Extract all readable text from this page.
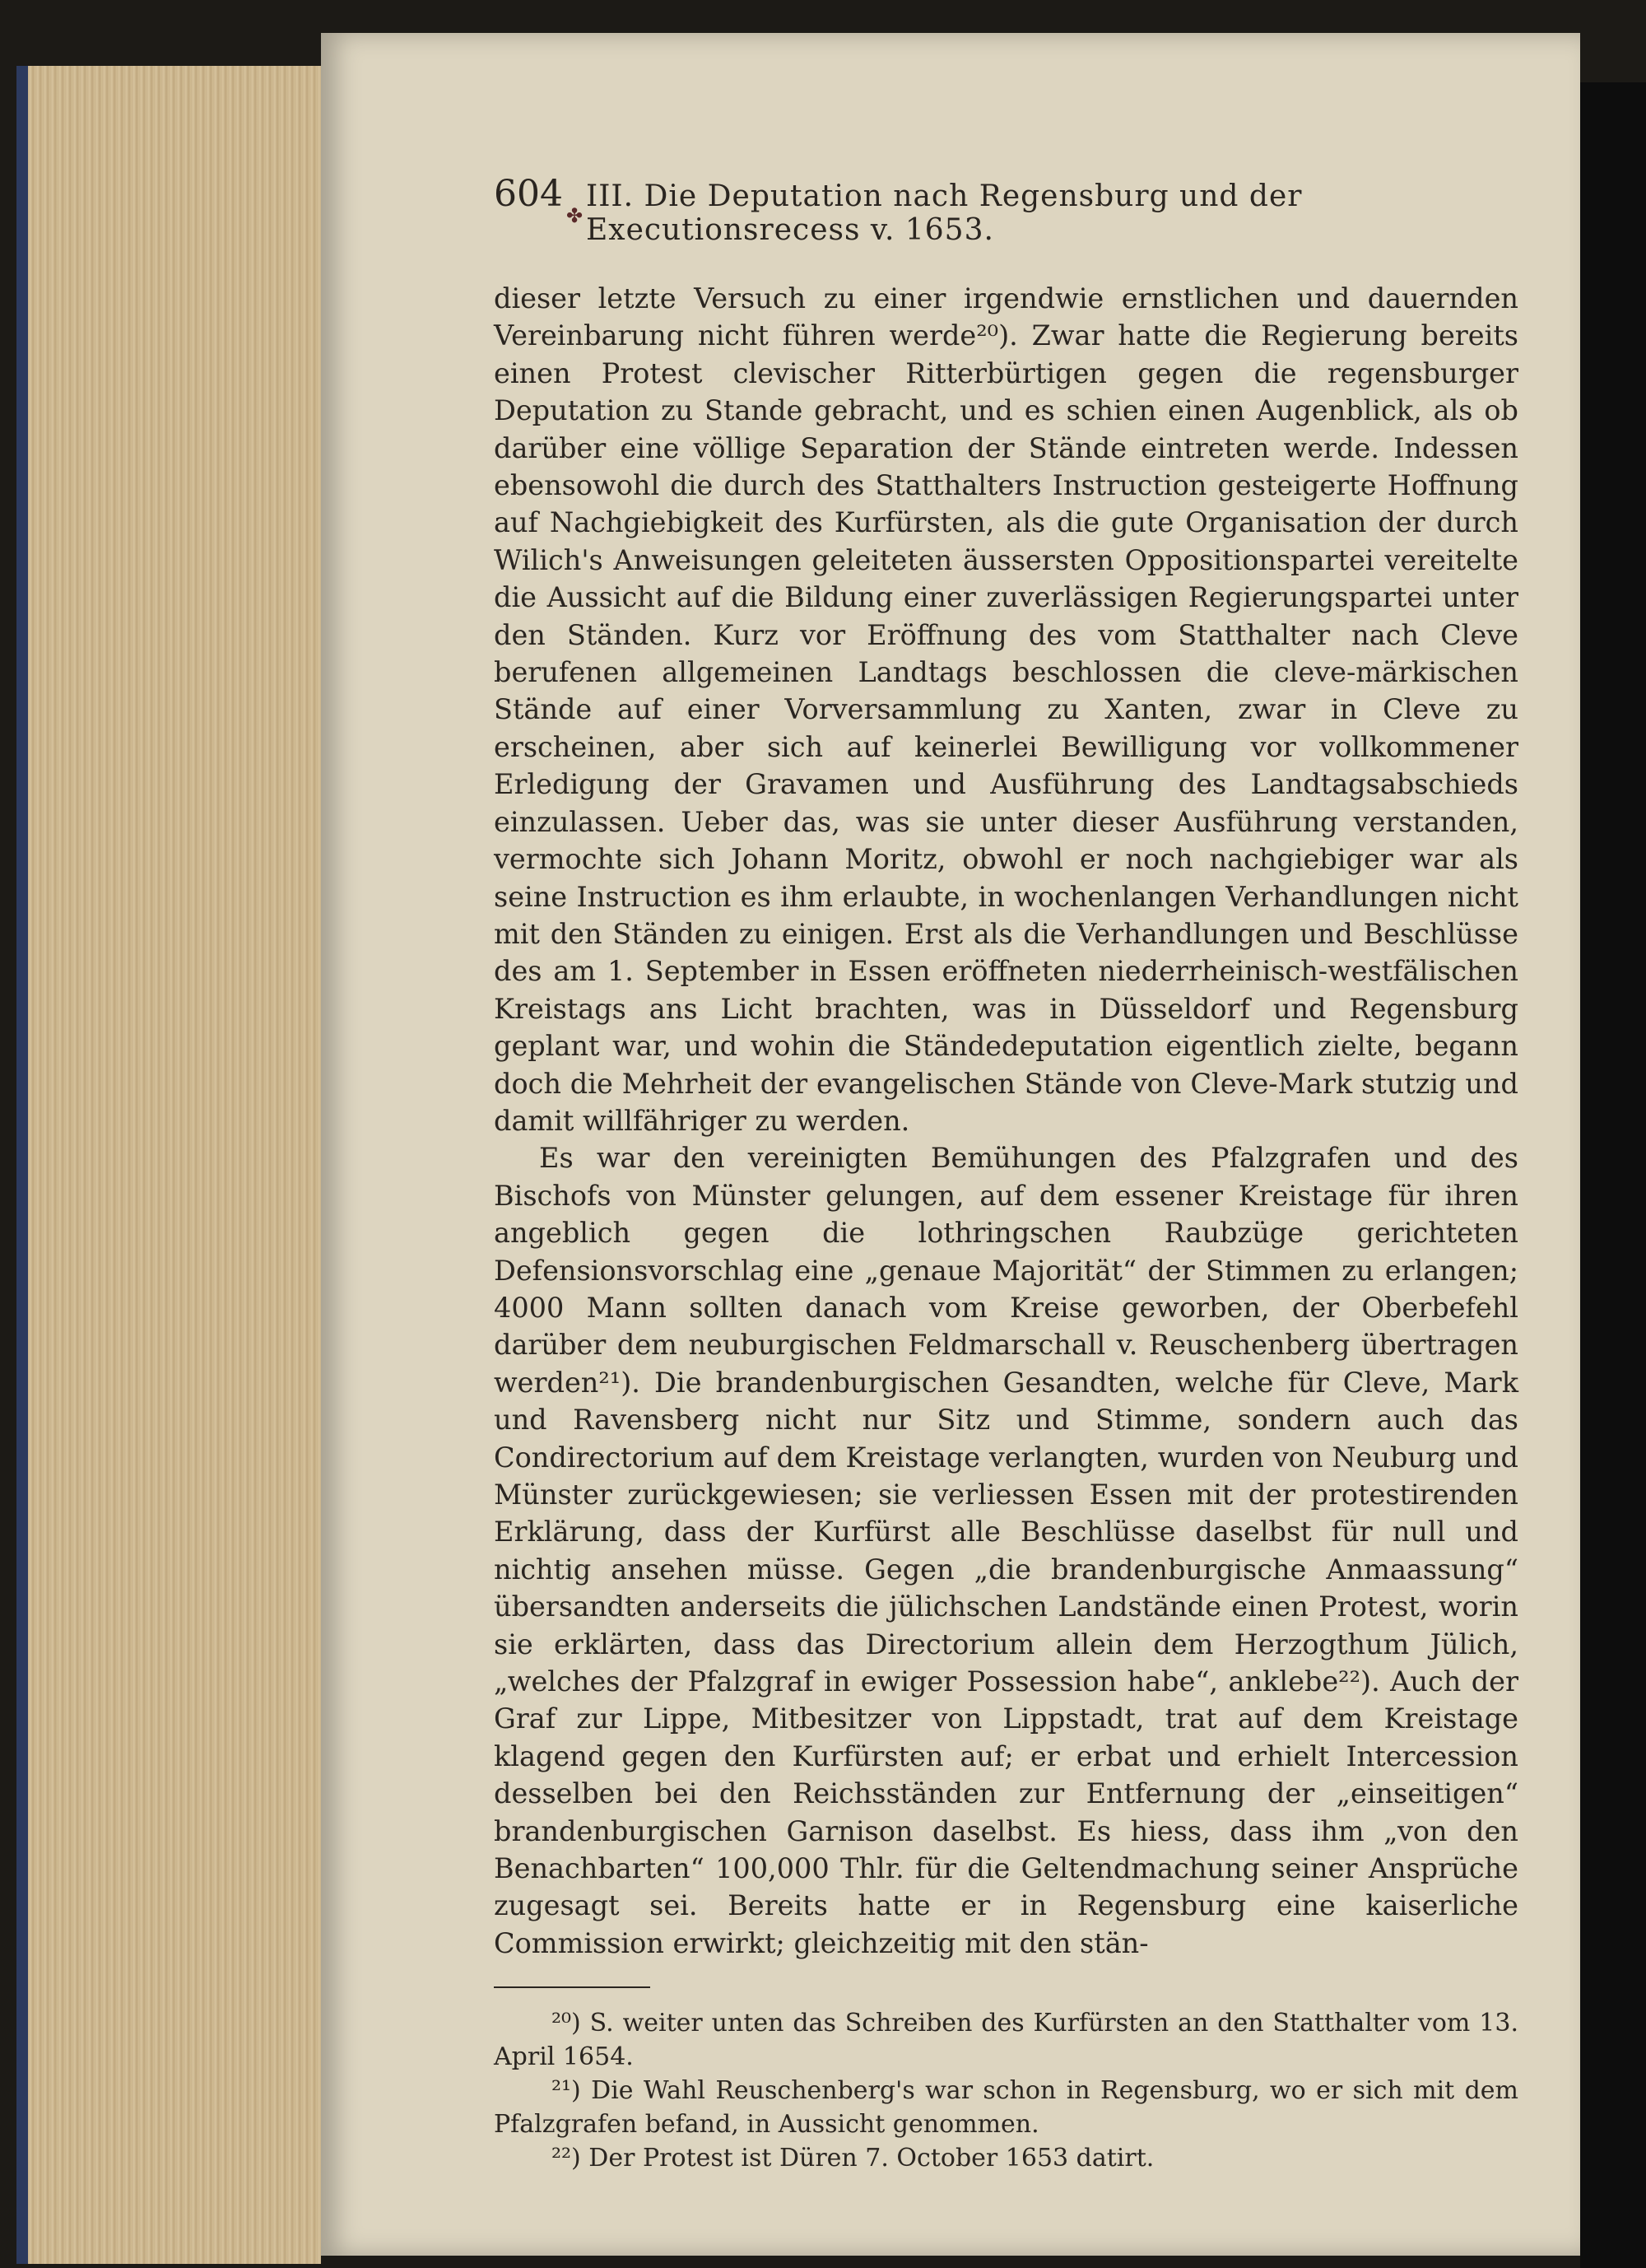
✤
604 III. Die Deputation nach Regensburg und der Executionsrecess v. 1653.

dieser letzte Versuch zu einer irgendwie ernstlichen und dauernden Vereinbarung nicht führen werde²⁰). Zwar hatte die Regierung bereits einen Protest clevischer Ritterbürtigen gegen die regensburger Deputation zu Stande gebracht, und es schien einen Augenblick, als ob darüber eine völlige Separation der Stände eintreten werde. Indessen ebensowohl die durch des Statthalters Instruction gesteigerte Hoffnung auf Nachgiebigkeit des Kurfürsten, als die gute Organisation der durch Wilich's Anweisungen geleiteten äussersten Oppositionspartei vereitelte die Aussicht auf die Bildung einer zuverlässigen Regierungspartei unter den Ständen. Kurz vor Eröffnung des vom Statthalter nach Cleve berufenen allgemeinen Landtags beschlossen die cleve-märkischen Stände auf einer Vorversammlung zu Xanten, zwar in Cleve zu erscheinen, aber sich auf keinerlei Bewilligung vor vollkommener Erledigung der Gravamen und Ausführung des Landtagsabschieds einzulassen. Ueber das, was sie unter dieser Ausführung verstanden, vermochte sich Johann Moritz, obwohl er noch nachgiebiger war als seine Instruction es ihm erlaubte, in wochenlangen Verhandlungen nicht mit den Ständen zu einigen. Erst als die Verhandlungen und Beschlüsse des am 1. September in Essen eröffneten niederrheinisch-westfälischen Kreistags ans Licht brachten, was in Düsseldorf und Regensburg geplant war, und wohin die Ständedeputation eigentlich zielte, begann doch die Mehrheit der evangelischen Stände von Cleve-Mark stutzig und damit willfähriger zu werden.

Es war den vereinigten Bemühungen des Pfalzgrafen und des Bischofs von Münster gelungen, auf dem essener Kreistage für ihren angeblich gegen die lothringschen Raubzüge gerichteten Defensionsvorschlag eine „genaue Majorität“ der Stimmen zu erlangen; 4000 Mann sollten danach vom Kreise geworben, der Oberbefehl darüber dem neuburgischen Feldmarschall v. Reuschenberg übertragen werden²¹). Die brandenburgischen Gesandten, welche für Cleve, Mark und Ravensberg nicht nur Sitz und Stimme, sondern auch das Condirectorium auf dem Kreistage verlangten, wurden von Neuburg und Münster zurückgewiesen; sie verliessen Essen mit der protestirenden Erklärung, dass der Kurfürst alle Beschlüsse daselbst für null und nichtig ansehen müsse. Gegen „die brandenburgische Anmaassung“ übersandten anderseits die jülichschen Landstände einen Protest, worin sie erklärten, dass das Directorium allein dem Herzogthum Jülich, „welches der Pfalzgraf in ewiger Possession habe“, anklebe²²). Auch der Graf zur Lippe, Mitbesitzer von Lippstadt, trat auf dem Kreistage klagend gegen den Kurfürsten auf; er erbat und erhielt Intercession desselben bei den Reichsständen zur Entfernung der „einseitigen“ brandenburgischen Garnison daselbst. Es hiess, dass ihm „von den Benachbarten“ 100,000 Thlr. für die Geltendmachung seiner Ansprüche zugesagt sei. Bereits hatte er in Regensburg eine kaiserliche Commission erwirkt; gleichzeitig mit den stän-

²⁰) S. weiter unten das Schreiben des Kurfürsten an den Statthalter vom 13. April 1654.

²¹) Die Wahl Reuschenberg's war schon in Regensburg, wo er sich mit dem Pfalzgrafen befand, in Aussicht genommen.

²²) Der Protest ist Düren 7. October 1653 datirt.
